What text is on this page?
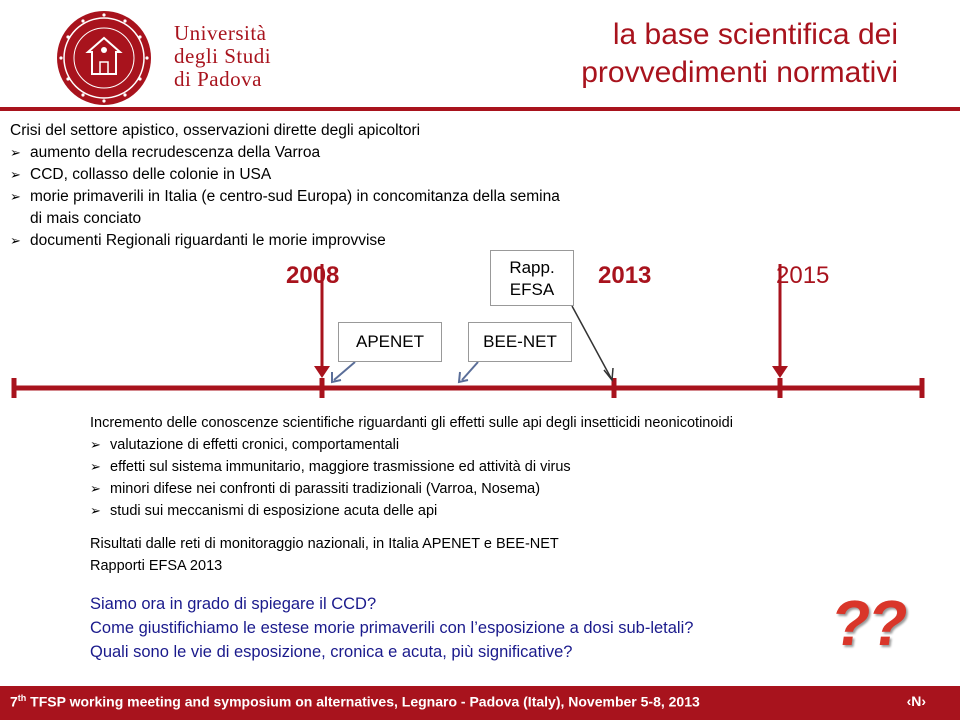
Università
degli Studi
di Padova
la base scientifica dei
provvedimenti normativi
Crisi del settore apistico, osservazioni dirette degli apicoltori
➢ aumento della recrudescenza della Varroa
➢ CCD, collasso delle colonie in USA
➢ morie primaverili in Italia (e centro-sud Europa) in concomitanza della semina di mais conciato
➢ documenti Regionali riguardanti le morie improvvise
2008	2013	2015
Rapp.
EFSA
APENET	BEE-NET
Incremento delle conoscenze scientifiche riguardanti gli effetti sulle api degli insetticidi neonicotinoidi
➢ valutazione di effetti cronici, comportamentali
➢ effetti sul sistema immunitario, maggiore trasmissione ed attività di virus
➢ minori difese nei confronti di parassiti tradizionali (Varroa, Nosema)
➢ studi sui meccanismi di esposizione acuta delle api
Risultati dalle reti di monitoraggio nazionali, in Italia APENET e BEE-NET
Rapporti EFSA 2013
Siamo ora in grado di spiegare il CCD?
Come giustifichiamo le estese morie primaverili con l’esposizione a dosi sub-letali?
Quali sono le vie di esposizione, cronica e acuta, più significative?	??
7th TFSP working meeting and symposium on alternatives, Legnaro - Padova (Italy), November 5-8, 2013	‹N›
